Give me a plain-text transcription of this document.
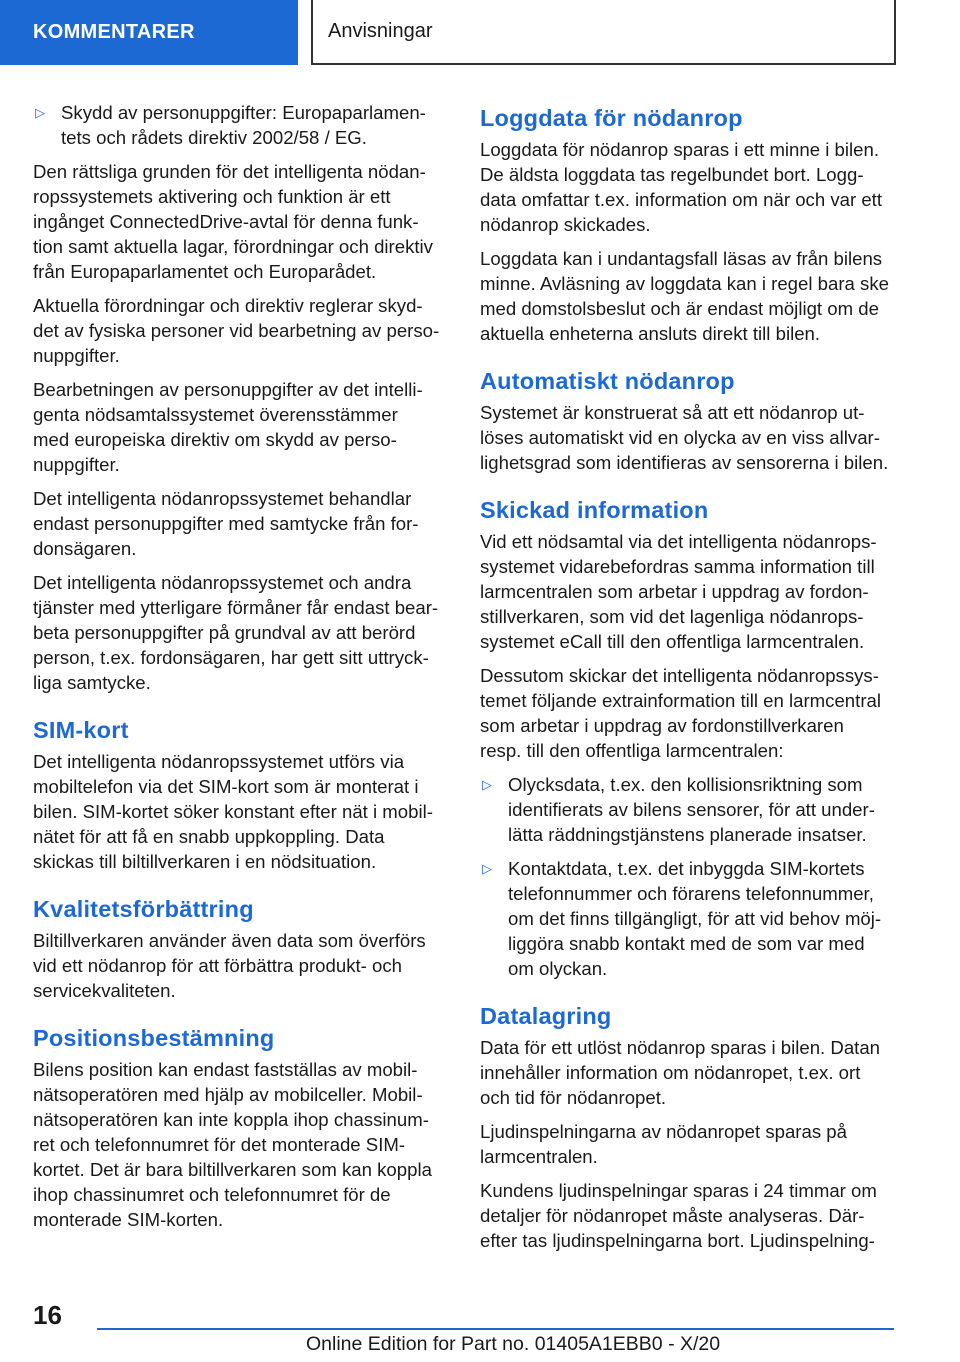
KOMMENTARER	Anvisningar
▷ Skydd av personuppgifter: Europaparlamen-
tets och rådets direktiv 2002/58 / EG.

Den rättsliga grunden för det intelligenta nödan-
ropssystemets aktivering och funktion är ett
ingånget ConnectedDrive-avtal för denna funk-
tion samt aktuella lagar, förordningar och direktiv
från Europaparlamentet och Europarådet.

Aktuella förordningar och direktiv reglerar skyd-
det av fysiska personer vid bearbetning av perso-
nuppgifter.

Bearbetningen av personuppgifter av det intelli-
genta nödsamtalssystemet överensstämmer
med europeiska direktiv om skydd av perso-
nuppgifter.

Det intelligenta nödanropssystemet behandlar
endast personuppgifter med samtycke från for-
donsägaren.

Det intelligenta nödanropssystemet och andra
tjänster med ytterligare förmåner får endast bear-
beta personuppgifter på grundval av att berörd
person, t.ex. fordonsägaren, har gett sitt uttryck-
liga samtycke.

SIM-kort

Det intelligenta nödanropssystemet utförs via
mobiltelefon via det SIM-kort som är monterat i
bilen. SIM-kortet söker konstant efter nät i mobil-
nätet för att få en snabb uppkoppling. Data
skickas till biltillverkaren i en nödsituation.

Kvalitetsförbättring

Biltillverkaren använder även data som överförs
vid ett nödanrop för att förbättra produkt- och
servicekvaliteten.

Positionsbestämning

Bilens position kan endast fastställas av mobil-
nätsoperatören med hjälp av mobilceller. Mobil-
nätsoperatören kan inte koppla ihop chassinum-
ret och telefonnumret för det monterade SIM-
kortet. Det är bara biltillverkaren som kan koppla
ihop chassinumret och telefonnumret för de
monterade SIM-korten.

Loggdata för nödanrop

Loggdata för nödanrop sparas i ett minne i bilen.
De äldsta loggdata tas regelbundet bort. Logg-
data omfattar t.ex. information om när och var ett
nödanrop skickades.

Loggdata kan i undantagsfall läsas av från bilens
minne. Avläsning av loggdata kan i regel bara ske
med domstolsbeslut och är endast möjligt om de
aktuella enheterna ansluts direkt till bilen.

Automatiskt nödanrop

Systemet är konstruerat så att ett nödanrop ut-
löses automatiskt vid en olycka av en viss allvar-
lighetsgrad som identifieras av sensorerna i bilen.

Skickad information

Vid ett nödsamtal via det intelligenta nödanrops-
systemet vidarebefordras samma information till
larmcentralen som arbetar i uppdrag av fordon-
stillverkaren, som vid det lagenliga nödanrops-
systemet eCall till den offentliga larmcentralen.

Dessutom skickar det intelligenta nödanropssys-
temet följande extrainformation till en larmcentral
som arbetar i uppdrag av fordonstillverkaren
resp. till den offentliga larmcentralen:

▷ Olycksdata, t.ex. den kollisionsriktning som
identifierats av bilens sensorer, för att under-
lätta räddningstjänstens planerade insatser.
▷ Kontaktdata, t.ex. det inbyggda SIM-kortets
telefonnummer och förarens telefonnummer,
om det finns tillgängligt, för att vid behov möj-
liggöra snabb kontakt med de som var med
om olyckan.
Datalagring

Data för ett utlöst nödanrop sparas i bilen. Datan
innehåller information om nödanropet, t.ex. ort
och tid för nödanropet.

Ljudinspelningarna av nödanropet sparas på
larmcentralen.

Kundens ljudinspelningar sparas i 24 timmar om
detaljer för nödanropet måste analyseras. Där-
efter tas ljudinspelningarna bort. Ljudinspelning-

16
Online Edition for Part no. 01405A1EBB0 - X/20
